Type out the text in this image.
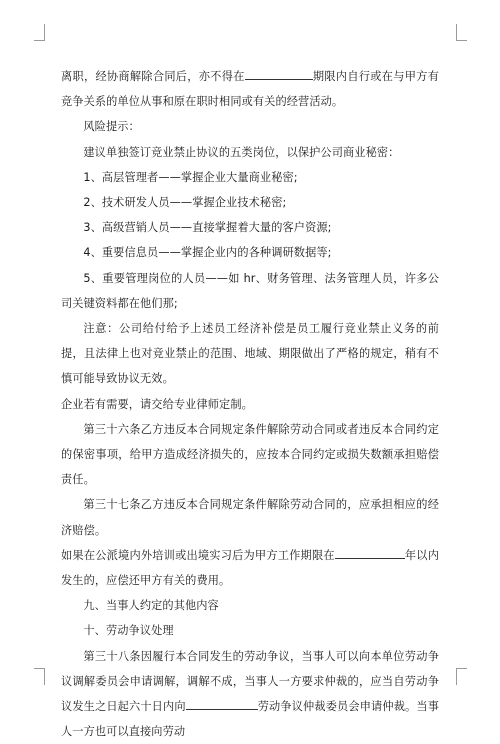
离职，经协商解除合同后，亦不得在	期限内自行或在与甲方有竞争关系的单位从事和原在职时相同或有关的经营活动。

风险提示：

建议单独签订竞业禁止协议的五类岗位，以保护公司商业秘密：

1、高层管理者——掌握企业大量商业秘密;

2、技术研发人员——掌握企业技术秘密;

3、高级营销人员——直接掌握着大量的客户资源;

4、重要信息员——掌握企业内的各种调研数据等;

5、重要管理岗位的人员——如 hr、财务管理、法务管理人员，许多公司关键资料都在他们那;

注意：公司给付给予上述员工经济补偿是员工履行竞业禁止义务的前提，且法律上也对竞业禁止的范围、地域、期限做出了严格的规定，稍有不慎可能导致协议无效。

企业若有需要，请交给专业律师定制。

第三十六条乙方违反本合同规定条件解除劳动合同或者违反本合同约定的保密事项，给甲方造成经济损失的，应按本合同约定或损失数额承担赔偿责任。

第三十七条乙方违反本合同规定条件解除劳动合同的，应承担相应的经济赔偿。

如果在公派境内外培训或出境实习后为甲方工作期限在	年以内发生的，应偿还甲方有关的费用。

九、当事人约定的其他内容

十、劳动争议处理

第三十八条因履行本合同发生的劳动争议，当事人可以向本单位劳动争议调解委员会申请调解，调解不成，当事人一方要求仲裁的，应当自劳动争议发生之日起六十日内向	劳动争议仲裁委员会申请仲裁。当事人一方也可以直接向劳动
